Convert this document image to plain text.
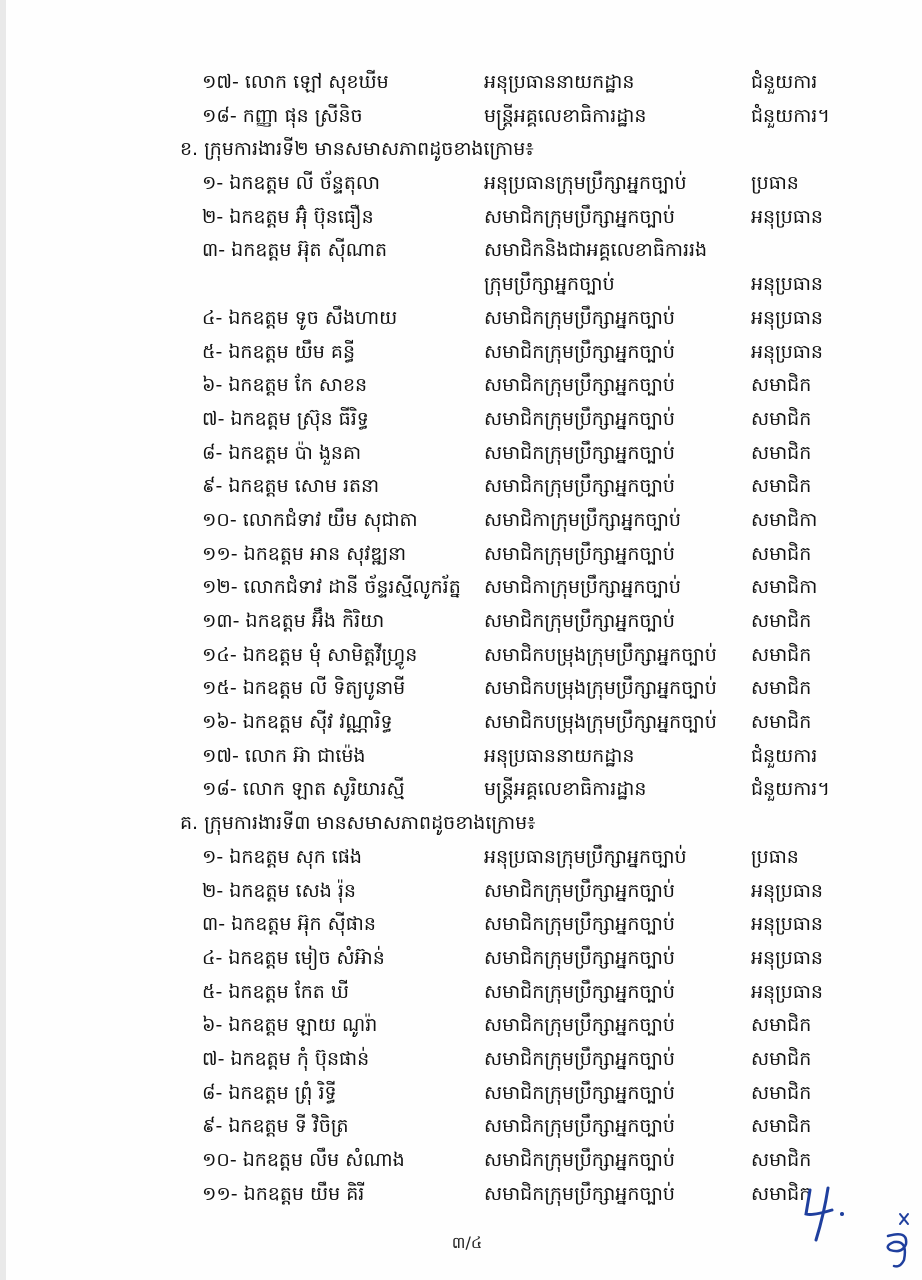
១៧- លោក ឡៅ សុខឃីម	អនុប្រធាននាយកដ្ឋាន	ជំនួយការ
១៨- កញ្ញា ផុន ស្រីនិច	មន្ត្រីអគ្គលេខាធិការដ្ឋាន	ជំនួយការ។
ខ. ក្រុមការងារទី២ មានសមាសភាពដូចខាងក្រោម៖
១- ឯកឧត្តម លី ច័ន្ទតុលា	អនុប្រធានក្រុមប្រឹក្សាអ្នកច្បាប់	ប្រធាន
២- ឯកឧត្តម អ៊ុំ ប៊ុនធឿន	សមាជិកក្រុមប្រឹក្សាអ្នកច្បាប់	អនុប្រធាន
៣- ឯកឧត្តម អ៊ុត ស៊ីណាត	សមាជិកនិងជាអគ្គលេខាធិការរង
ក្រុមប្រឹក្សាអ្នកច្បាប់	អនុប្រធាន
៤- ឯកឧត្តម ទូច សឹងហាយ	សមាជិកក្រុមប្រឹក្សាអ្នកច្បាប់	អនុប្រធាន
៥- ឯកឧត្តម យឹម គន្ធី	សមាជិកក្រុមប្រឹក្សាអ្នកច្បាប់	អនុប្រធាន
៦- ឯកឧត្តម កែ សាខន	សមាជិកក្រុមប្រឹក្សាអ្នកច្បាប់	សមាជិក
៧- ឯកឧត្តម ស្រ៊ុន ធីរិទ្ធ	សមាជិកក្រុមប្រឹក្សាអ្នកច្បាប់	សមាជិក
៨- ឯកឧត្តម ប៉ា ងួនគា	សមាជិកក្រុមប្រឹក្សាអ្នកច្បាប់	សមាជិក
៩- ឯកឧត្តម សោម រតនា	សមាជិកក្រុមប្រឹក្សាអ្នកច្បាប់	សមាជិក
១០- លោកជំទាវ យឹម សុជាតា	សមាជិកាក្រុមប្រឹក្សាអ្នកច្បាប់	សមាជិកា
១១- ឯកឧត្តម អាន សុវឌ្ឍនា	សមាជិកក្រុមប្រឹក្សាអ្នកច្បាប់	សមាជិក
១២- លោកជំទាវ ដានី ច័ន្ទរស្មីលូករ័ត្ន សមាជិកាក្រុមប្រឹក្សាអ្នកច្បាប់	សមាជិកា
១៣- ឯកឧត្តម អ៊ឹង កិរិយា	សមាជិកក្រុមប្រឹក្សាអ្នកច្បាប់	សមាជិក
១៤- ឯកឧត្តម មុំ សាមិត្តវីហ្រ្វូន	សមាជិកបម្រុងក្រុមប្រឹក្សាអ្នកច្បាប់ សមាជិក
១៥- ឯកឧត្តម លី ទិត្យបូនាមី	សមាជិកបម្រុងក្រុមប្រឹក្សាអ្នកច្បាប់ សមាជិក
១៦- ឯកឧត្តម ស៊ីវ វណ្ណារិទ្ធ	សមាជិកបម្រុងក្រុមប្រឹក្សាអ្នកច្បាប់ សមាជិក
១៧- លោក អ៊ា ជាម៉េង	អនុប្រធាននាយកដ្ឋាន	ជំនួយការ
១៨- លោក ឡាត សូរិយារស្មី	មន្ត្រីអគ្គលេខាធិការដ្ឋាន	ជំនួយការ។
គ. ក្រុមការងារទី៣ មានសមាសភាពដូចខាងក្រោម៖
១- ឯកឧត្តម សុក ផេង	អនុប្រធានក្រុមប្រឹក្សាអ្នកច្បាប់	ប្រធាន
២- ឯកឧត្តម សេង រ៉ុន	សមាជិកក្រុមប្រឹក្សាអ្នកច្បាប់	អនុប្រធាន
៣- ឯកឧត្តម អ៊ុក ស៊ីផាន	សមាជិកក្រុមប្រឹក្សាអ្នកច្បាប់	អនុប្រធាន
៤- ឯកឧត្តម មៀច សំអ៊ាន់	សមាជិកក្រុមប្រឹក្សាអ្នកច្បាប់	អនុប្រធាន
៥- ឯកឧត្តម កែត ឃី	សមាជិកក្រុមប្រឹក្សាអ្នកច្បាប់	អនុប្រធាន
៦- ឯកឧត្តម ឡាយ ណូរ៉ា	សមាជិកក្រុមប្រឹក្សាអ្នកច្បាប់	សមាជិក
៧- ឯកឧត្តម កុំ ប៊ុនផាន់	សមាជិកក្រុមប្រឹក្សាអ្នកច្បាប់	សមាជិក
៨- ឯកឧត្តម ព្រុំ រិទ្ធី	សមាជិកក្រុមប្រឹក្សាអ្នកច្បាប់	សមាជិក
៩- ឯកឧត្តម ទី វិចិត្រ	សមាជិកក្រុមប្រឹក្សាអ្នកច្បាប់	សមាជិក
១០- ឯកឧត្តម លឹម សំណាង	សមាជិកក្រុមប្រឹក្សាអ្នកច្បាប់	សមាជិក
១១- ឯកឧត្តម យឹម គិរី	សមាជិកក្រុមប្រឹក្សាអ្នកច្បាប់	សមាជិក
៣/៤
